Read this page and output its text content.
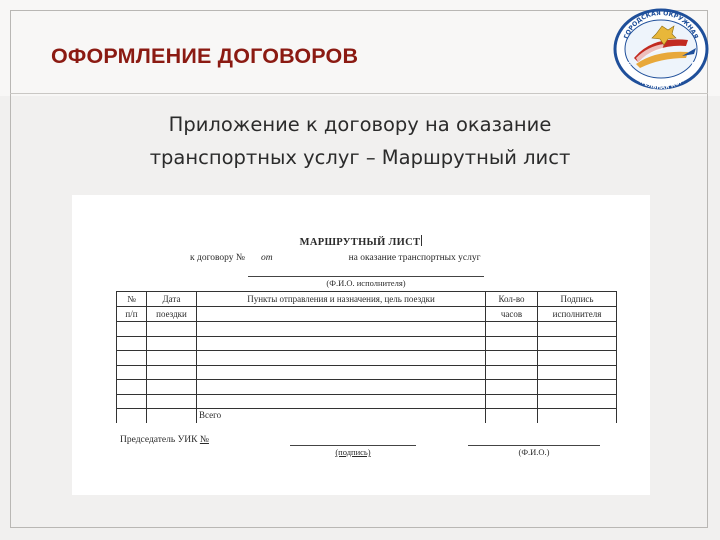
ОФОРМЛЕНИЕ ДОГОВОРОВ
ГОРОДСКАЯ ОКРУЖНАЯ
ИЗБИРАТЕЛЬНАЯ КОМИССИЯ
Приложение к договору на оказание
транспортных услуг – Маршрутный лист
МАРШРУТНЫЙ ЛИСТ
к договору № от	на оказание транспортных услуг
(Ф.И.О. исполнителя)
№	Дата	Пункты отправления и назначения, цель поездки	Кол-во	Подпись
п/п	поездки		часов	исполнителя

		Всего		
Председатель УИК №
(подпись)	(Ф.И.О.)
